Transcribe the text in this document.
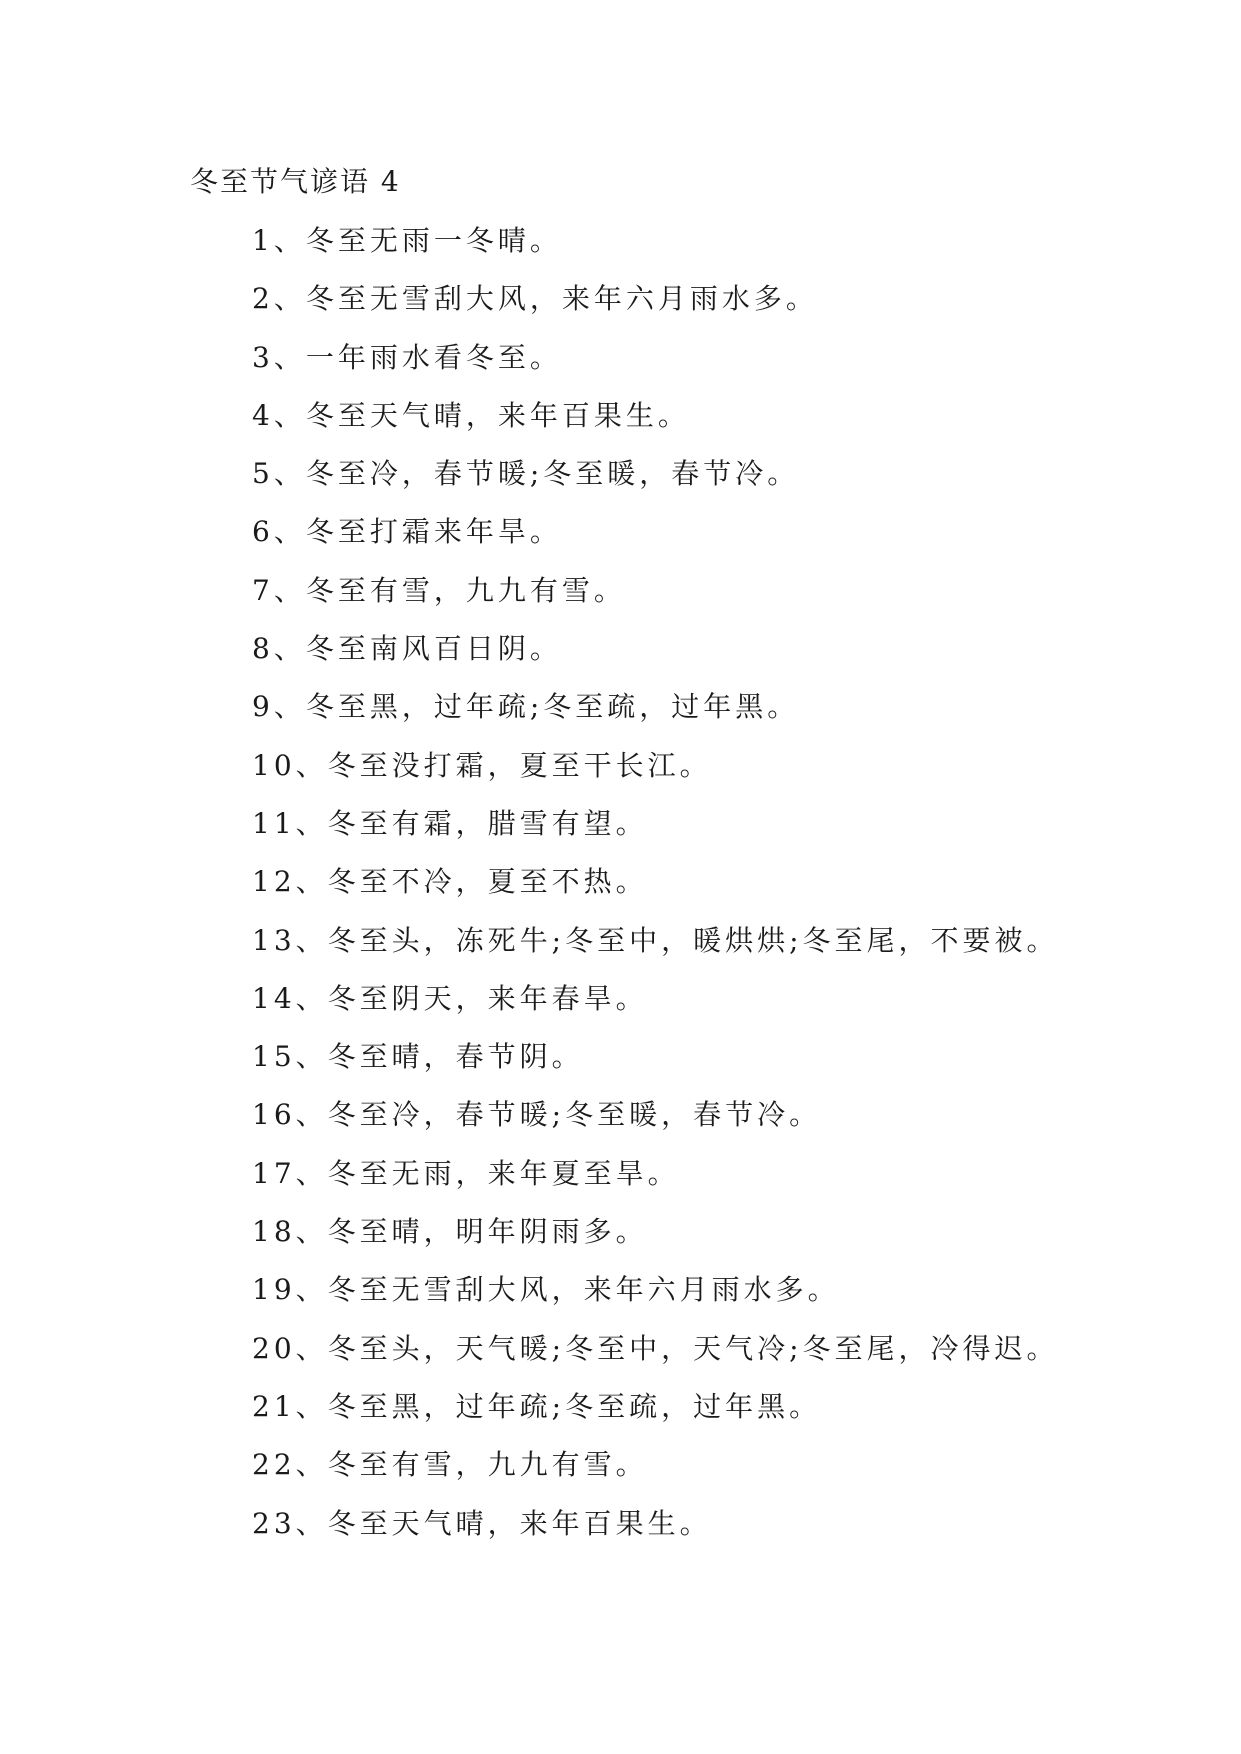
冬至节气谚语 4
1、冬至无雨一冬晴。
2、冬至无雪刮大风，来年六月雨水多。
3、一年雨水看冬至。
4、冬至天气晴，来年百果生。
5、冬至冷，春节暖;冬至暖，春节冷。
6、冬至打霜来年旱。
7、冬至有雪，九九有雪。
8、冬至南风百日阴。
9、冬至黑，过年疏;冬至疏，过年黑。
10、冬至没打霜，夏至干长江。
11、冬至有霜，腊雪有望。
12、冬至不冷，夏至不热。
13、冬至头，冻死牛;冬至中，暖烘烘;冬至尾，不要被。
14、冬至阴天，来年春旱。
15、冬至晴，春节阴。
16、冬至冷，春节暖;冬至暖，春节冷。
17、冬至无雨，来年夏至旱。
18、冬至晴，明年阴雨多。
19、冬至无雪刮大风，来年六月雨水多。
20、冬至头，天气暖;冬至中，天气冷;冬至尾，冷得迟。
21、冬至黑，过年疏;冬至疏，过年黑。
22、冬至有雪，九九有雪。
23、冬至天气晴，来年百果生。
